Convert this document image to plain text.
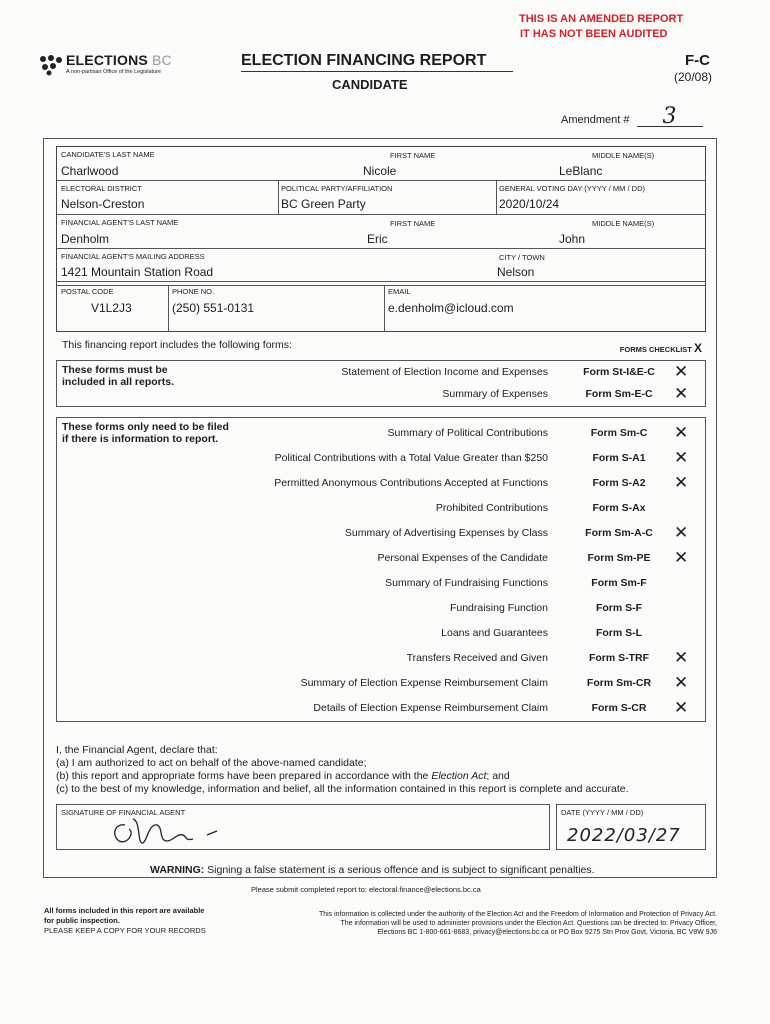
THIS IS AN AMENDED REPORT
IT HAS NOT BEEN AUDITED
ELECTIONS BC
A non-partisan Office of the Legislature
ELECTION FINANCING REPORT
CANDIDATE
F-C
(20/08)
Amendment # 3
CANDIDATE'S LAST NAME
Charlwood
FIRST NAME
Nicole
MIDDLE NAME(S)
LeBlanc
ELECTORAL DISTRICT
Nelson-Creston
POLITICAL PARTY/AFFILIATION
BC Green Party
GENERAL VOTING DAY (YYYY / MM / DD)
2020/10/24
FINANCIAL AGENT'S LAST NAME
Denholm
FIRST NAME
Eric
MIDDLE NAME(S)
John
FINANCIAL AGENT'S MAILING ADDRESS
1421 Mountain Station Road
CITY / TOWN
Nelson
POSTAL CODE
V1L2J3
PHONE NO.
(250) 551-0131
EMAIL
e.denholm@icloud.com
This financing report includes the following forms:	FORMS CHECKLIST X
These forms must be
included in all reports.
Statement of Election Income and Expenses	Form St-I&E-C	✕
Summary of Expenses	Form Sm-E-C	✕
These forms only need to be filed
if there is information to report.	Summary of Political Contributions	Form Sm-C	✕
Political Contributions with a Total Value Greater than $250	Form S-A1	✕
Permitted Anonymous Contributions Accepted at Functions	Form S-A2	✕
Prohibited Contributions	Form S-Ax
Summary of Advertising Expenses by Class	Form Sm-A-C	✕
Personal Expenses of the Candidate	Form Sm-PE	✕
Summary of Fundraising Functions	Form Sm-F
Fundraising Function	Form S-F
Loans and Guarantees	Form S-L
Transfers Received and Given	Form S-TRF	✕
Summary of Election Expense Reimbursement Claim	Form Sm-CR	✕
Details of Election Expense Reimbursement Claim	Form S-CR	✕
I, the Financial Agent, declare that:
(a) I am authorized to act on behalf of the above-named candidate;
(b) this report and appropriate forms have been prepared in accordance with the Election Act; and
(c) to the best of my knowledge, information and belief, all the information contained in this report is complete and accurate.
SIGNATURE OF FINANCIAL AGENT	DATE (YYYY / MM / DD)
2022/03/27
WARNING: Signing a false statement is a serious offence and is subject to significant penalties.
Please submit completed report to: electoral.finance@elections.bc.ca
All forms included in this report are available
for public inspection.
PLEASE KEEP A COPY FOR YOUR RECORDS
This information is collected under the authority of the Election Act and the Freedom of Information and Protection of Privacy Act.
The information will be used to administer provisions under the Election Act. Questions can be directed to: Privacy Officer,
Elections BC 1-800-661-8683, privacy@elections.bc.ca or PO Box 9275 Stn Prov Govt, Victoria, BC V8W 9J6
